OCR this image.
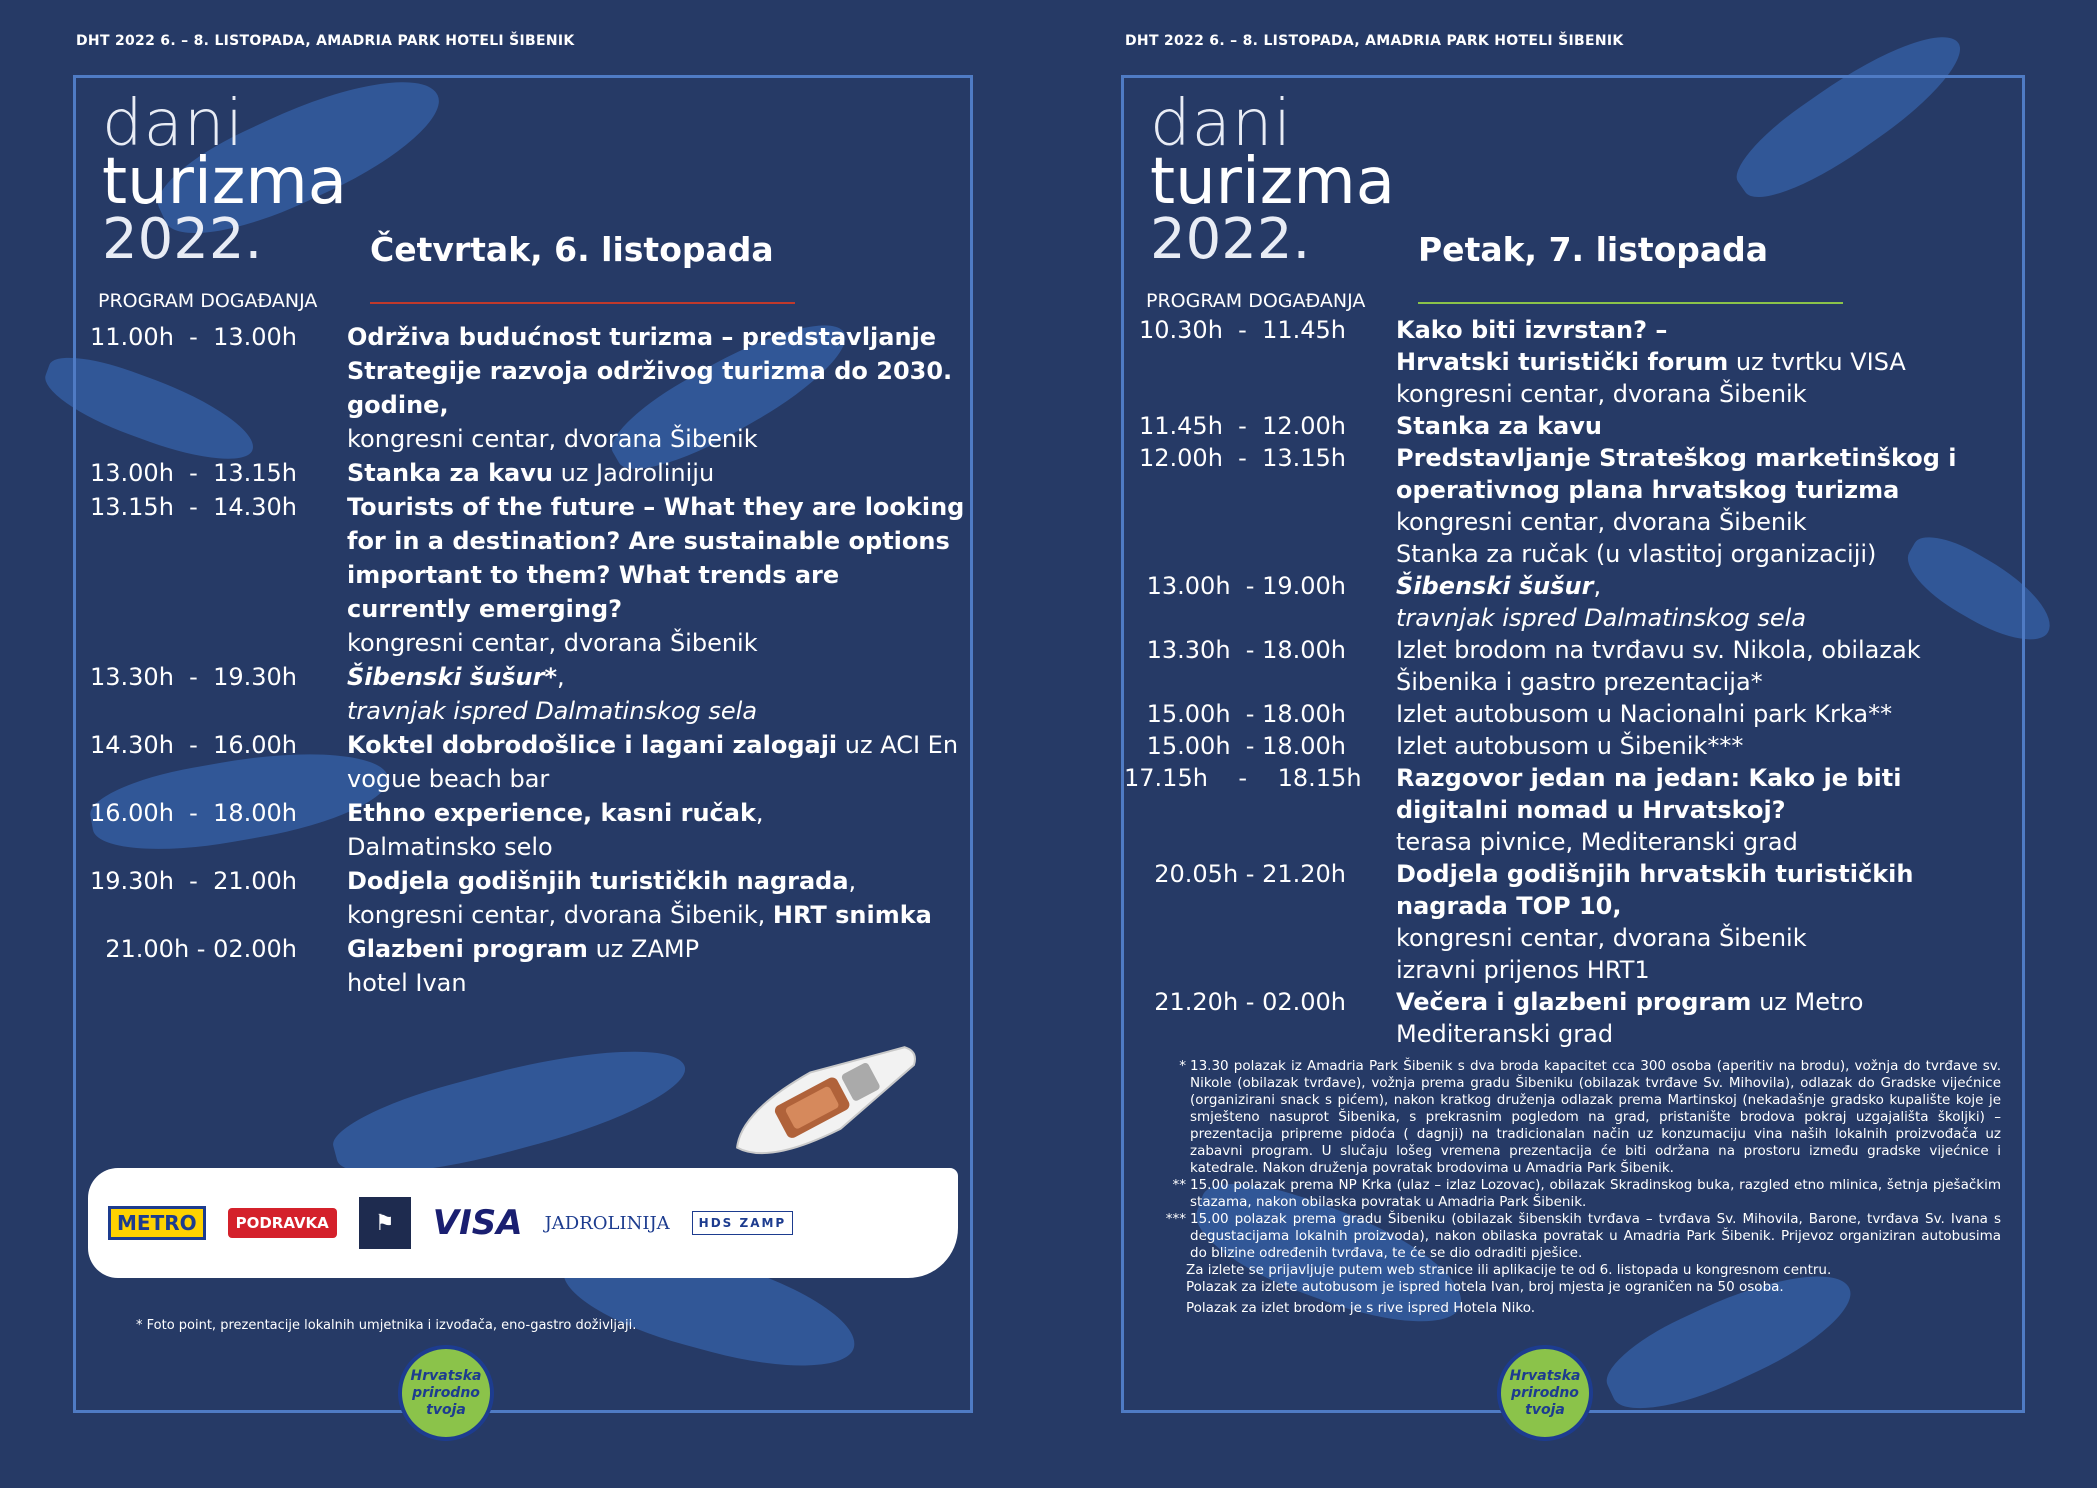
DHT 2022 6. – 8. LISTOPADA, AMADRIA PARK HOTELI ŠIBENIK
dani
turizma
2022.
PROGRAM DOGAĐANJA
Četvrtak, 6. listopada
11.00h  -  13.00h	Održiva budućnost turizma – predstavljanje Strategije razvoja održivog turizma do 2030. godine,
kongresni centar, dvorana Šibenik
13.00h  -  13.15h	Stanka za kavu uz Jadroliniju
13.15h  -  14.30h	Tourists of the future – What they are looking for in a destination? Are sustainable options important to them? What trends are currently emerging?
kongresni centar, dvorana Šibenik
13.30h  -  19.30h	Šibenski šušur*,
travnjak ispred Dalmatinskog sela
14.30h  -  16.00h	Koktel dobrodošlice i lagani zalogaji uz ACI En vogue beach bar
16.00h  -  18.00h	Ethno experience, kasni ručak,
Dalmatinsko selo
19.30h  -  21.00h	Dodjela godišnjih turističkih nagrada,
kongresni centar, dvorana Šibenik, HRT snimka
21.00h - 02.00h	Glazbeni program uz ZAMP
hotel Ivan
METRO	PODRAVKA	⚑	VISA JADROLINIJA	HDS ZAMP
* Foto point, prezentacije lokalnih umjetnika i izvođača, eno-gastro doživljaji.
Hrvatska prirodno tvoja
DHT 2022 6. – 8. LISTOPADA, AMADRIA PARK HOTELI ŠIBENIK
dani
turizma
2022.
PROGRAM DOGAĐANJA
Petak, 7. listopada
10.30h  -  11.45h	Kako biti izvrstan? –
Hrvatski turistički forum uz tvrtku VISA
kongresni centar, dvorana Šibenik
11.45h  -  12.00h	Stanka za kavu
12.00h  -  13.15h	Predstavljanje Strateškog marketinškog i operativnog plana hrvatskog turizma
kongresni centar, dvorana Šibenik
Stanka za ručak (u vlastitoj organizaciji)
13.00h  - 19.00h	Šibenski šušur,
travnjak ispred Dalmatinskog sela
13.30h  - 18.00h	Izlet brodom na tvrđavu sv. Nikola, obilazak Šibenika i gastro prezentacija*
15.00h  - 18.00h	Izlet autobusom u Nacionalni park Krka**
15.00h  - 18.00h	Izlet autobusom u Šibenik***
17.15h    -    18.15h	Razgovor jedan na jedan: Kako je biti digitalni nomad u Hrvatskoj?
terasa pivnice, Mediteranski grad
20.05h - 21.20h	Dodjela godišnjih hrvatskih turističkih nagrada TOP 10,
kongresni centar, dvorana Šibenik
izravni prijenos HRT1
21.20h - 02.00h	Večera i glazbeni program uz Metro Mediteranski grad
* 13.30 polazak iz Amadria Park Šibenik s dva broda kapacitet cca 300 osoba (aperitiv na brodu), vožnja do tvrđave sv. Nikole (obilazak tvrđave), vožnja prema gradu Šibeniku (obilazak tvrđave Sv. Mihovila), odlazak do Gradske vijećnice (organizirani snack s pićem), nakon kratkog druženja odlazak prema Martinskoj (nekadašnje gradsko kupalište koje je smješteno nasuprot Šibenika, s prekrasnim pogledom na grad, pristanište brodova pokraj uzgajališta školjki) – prezentacija pripreme pidoća ( dagnji) na tradicionalan način uz konzumaciju vina naših lokalnih proizvođača uz zabavni program. U slučaju lošeg vremena prezentacija će biti održana na prostoru između gradske vijećnice i katedrale. Nakon druženja povratak brodovima u Amadria Park Šibenik.
** 15.00 polazak prema NP Krka (ulaz – izlaz Lozovac), obilazak Skradinskog buka, razgled etno mlinica, šetnja pješačkim stazama, nakon obilaska povratak u Amadria Park Šibenik.
*** 15.00 polazak prema gradu Šibeniku (obilazak šibenskih tvrđava – tvrđava Sv. Mihovila, Barone, tvrđava Sv. Ivana s degustacijama lokalnih proizvoda), nakon obilaska povratak u Amadria Park Šibenik. Prijevoz organiziran autobusima do blizine određenih tvrđava, te će se dio odraditi pješice.
Za izlete se prijavljuje putem web stranice ili aplikacije te od 6. listopada u kongresnom centru.
Polazak za izlete autobusom je ispred hotela Ivan, broj mjesta je ograničen na 50 osoba.
Polazak za izlet brodom je s rive ispred Hotela Niko.
Hrvatska prirodno tvoja
